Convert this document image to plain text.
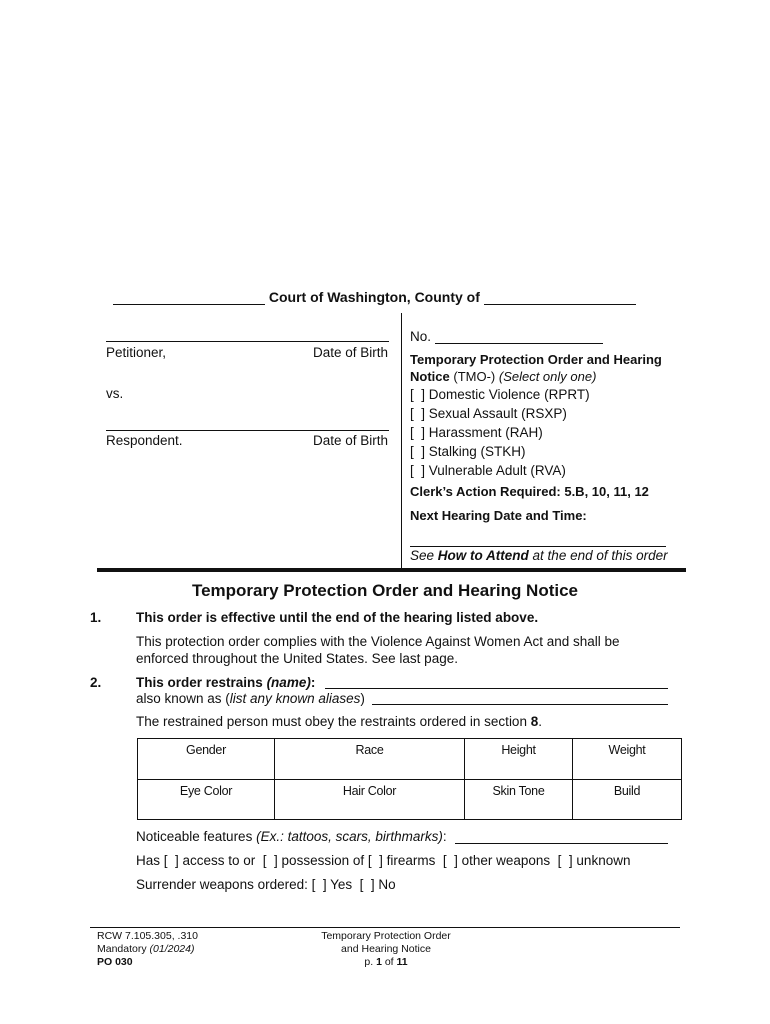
Court of Washington, County of
Petitioner,	Date of Birth
vs.
Respondent.	Date of Birth
No.
Temporary Protection Order and Hearing
Notice (TMO-) (Select only one)
[  ] Domestic Violence (RPRT)
[  ] Sexual Assault (RSXP)
[  ] Harassment (RAH)
[  ] Stalking (STKH)
[  ] Vulnerable Adult (RVA)
Clerk’s Action Required: 5.B, 10, 11, 12
Next Hearing Date and Time:
See How to Attend at the end of this order
Temporary Protection Order and Hearing Notice
1.	This order is effective until the end of the hearing listed above.
This protection order complies with the Violence Against Women Act and shall be
enforced throughout the United States. See last page.
2.	This order restrains (name):
also known as (list any known aliases)
The restrained person must obey the restraints ordered in section 8.
Gender	Race	Height	Weight
Eye Color	Hair Color	Skin Tone	Build
Noticeable features (Ex.: tattoos, scars, birthmarks):
Has [  ] access to or  [  ] possession of [  ] firearms  [  ] other weapons  [  ] unknown
Surrender weapons ordered: [  ] Yes  [  ] No
RCW 7.105.305, .310
Mandatory (01/2024)
PO 030
Temporary Protection Order
and Hearing Notice
p. 1 of 11
